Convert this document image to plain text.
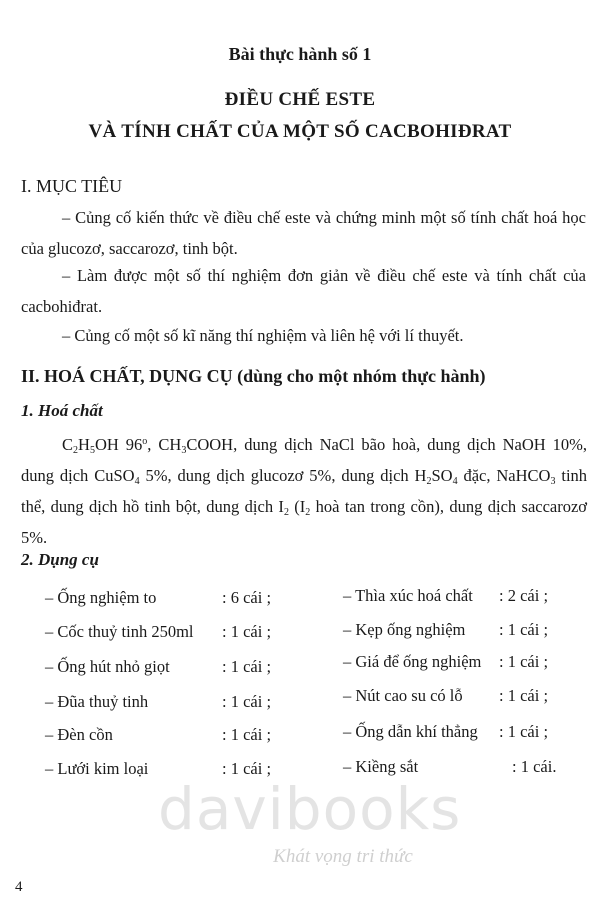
Bài thực hành số 1
ĐIỀU CHẾ ESTE
VÀ TÍNH CHẤT CỦA MỘT SỐ CACBOHIĐRAT
I. MỤC TIÊU
– Củng cố kiến thức về điều chế este và chứng minh một số tính chất hoá học của glucozơ, saccarozơ, tinh bột.
– Làm được một số thí nghiệm đơn giản về điều chế este và tính chất của cacbohiđrat.
– Củng cố một số kĩ năng thí nghiệm và liên hệ với lí thuyết.
II. HOÁ CHẤT, DỤNG CỤ (dùng cho một nhóm thực hành)
1. Hoá chất
$C_2H_5OH$ 96$^o$, $CH_3COOH$, dung dịch NaCl bão hoà, dung dịch NaOH 10%, dung dịch CuSO$_4$ 5%, dung dịch glucozơ 5%, dung dịch $H_2SO_4$ đặc, NaHCO$_3$ tinh thể, dung dịch hồ tinh bột, dung dịch $I_2$ ($I_2$ hoà tan trong cồn), dung dịch saccarozơ 5%.
2. Dụng cụ
– Ống nghiệm to	: 6 cái ;
– Cốc thuỷ tinh 250ml : 1 cái ;
– Ống hút nhỏ giọt	: 1 cái ;
– Đũa thuỷ tinh	: 1 cái ;
– Đèn cồn	: 1 cái ;
– Lưới kim loại	: 1 cái ;
– Thìa xúc hoá chất : 2 cái ;
– Kẹp ống nghiệm : 1 cái ;
– Giá để ống nghiệm : 1 cái ;
– Nút cao su có lỗ : 1 cái ;
– Ống dẫn khí thẳng : 1 cái ;
– Kiềng sắt	: 1 cái.
davibooks
Khát vọng tri thức
4
